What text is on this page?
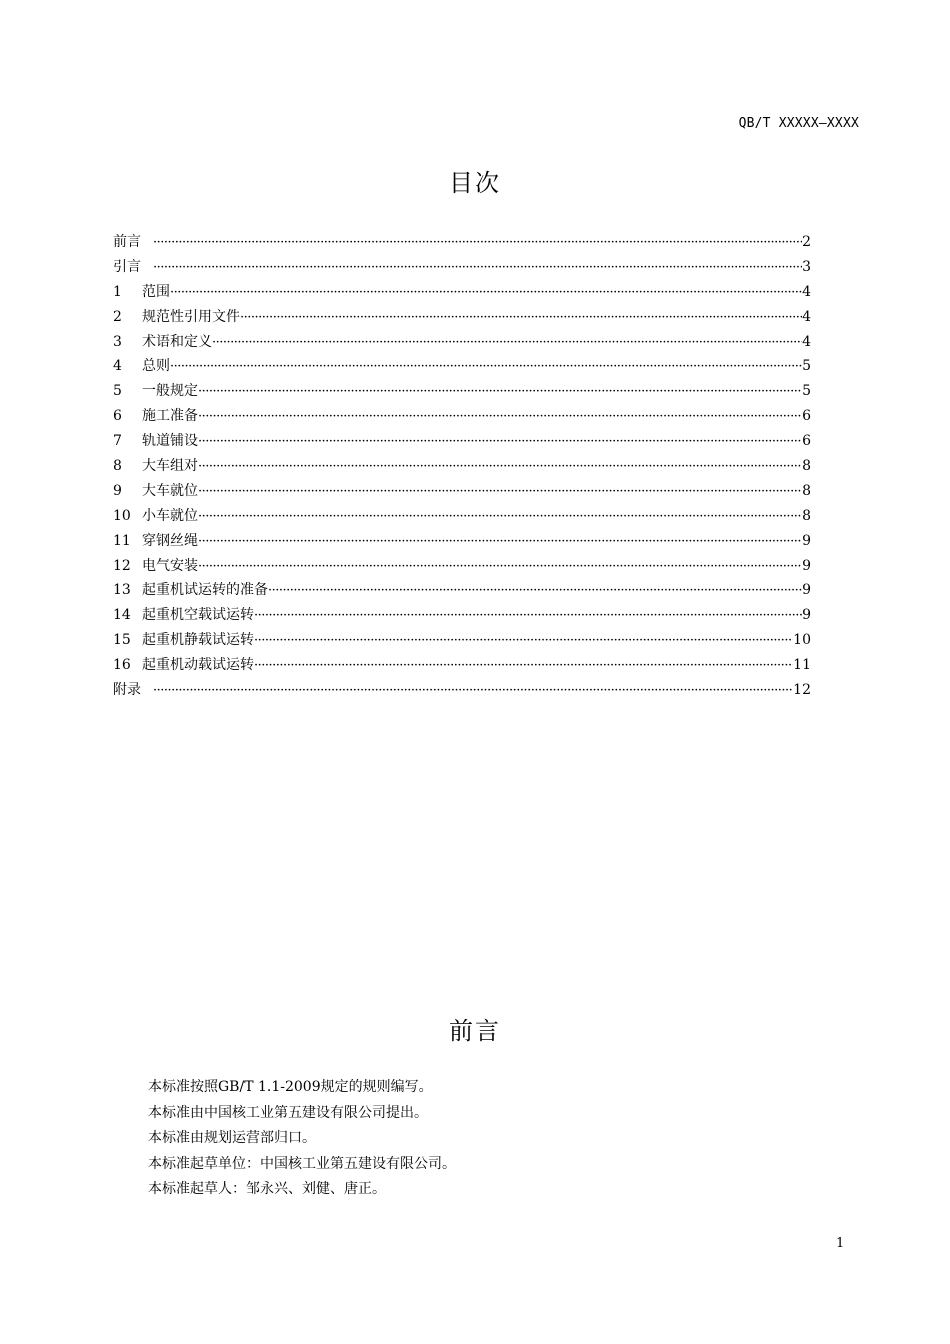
QB/T XXXXX—XXXX
目次
前言 ·····	2
引言 ·····	3
1	范围 ·····	4
2	规范性引用文件 ·····	4
3	术语和定义 ·····	4
4	总则 ·····	5
5	一般规定 ·····	5
6	施工准备 ·····	6
7	轨道铺设 ·····	6
8	大车组对 ·····	8
9	大车就位 ·····	8
10 小车就位 ·····	8
11 穿钢丝绳 ·····	9
12 电气安装 ·····	9
13 起重机试运转的准备 ·····	9
14 起重机空载试运转 ·····	9
15 起重机静载试运转 ·····	10
16 起重机动载试运转 ·····	11
附录 ·····	12
前言

本标准按照GB/T 1.1-2009规定的规则编写。

本标准由中国核工业第五建设有限公司提出。

本标准由规划运营部归口。

本标准起草单位：中国核工业第五建设有限公司。

本标准起草人：邹永兴、刘健、唐正。

1
